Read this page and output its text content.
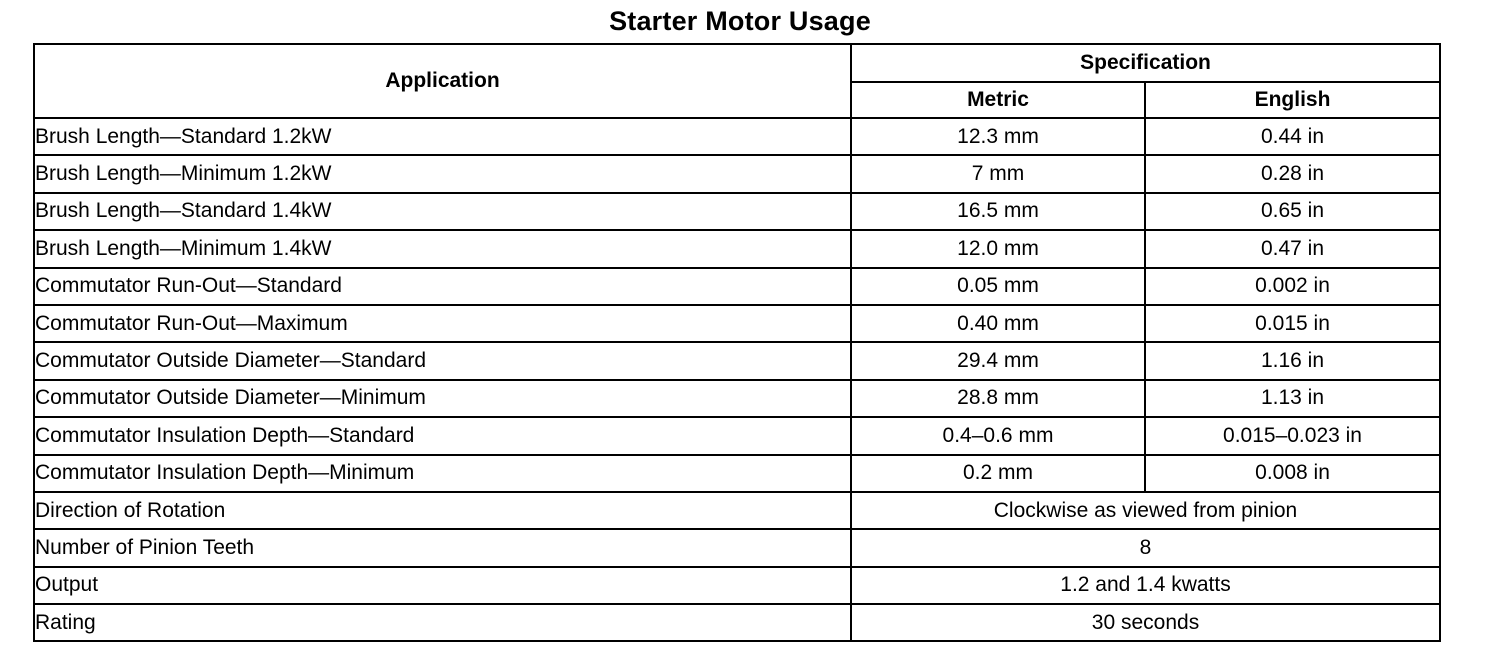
Starter Motor Usage
Application	Specification	
	Metric	English
Brush Length—Standard 1.2kW	12.3 mm	0.44 in
Brush Length—Minimum 1.2kW	7 mm	0.28 in
Brush Length—Standard 1.4kW	16.5 mm	0.65 in
Brush Length—Minimum 1.4kW	12.0 mm	0.47 in
Commutator Run-Out—Standard	0.05 mm	0.002 in
Commutator Run-Out—Maximum	0.40 mm	0.015 in
Commutator Outside Diameter—Standard	29.4 mm	1.16 in
Commutator Outside Diameter—Minimum	28.8 mm	1.13 in
Commutator Insulation Depth—Standard	0.4–0.6 mm	0.015–0.023 in
Commutator Insulation Depth—Minimum	0.2 mm	0.008 in
Direction of Rotation	Clockwise as viewed from pinion	
Number of Pinion Teeth	8	
Output	1.2 and 1.4 kwatts	
Rating	30 seconds	
